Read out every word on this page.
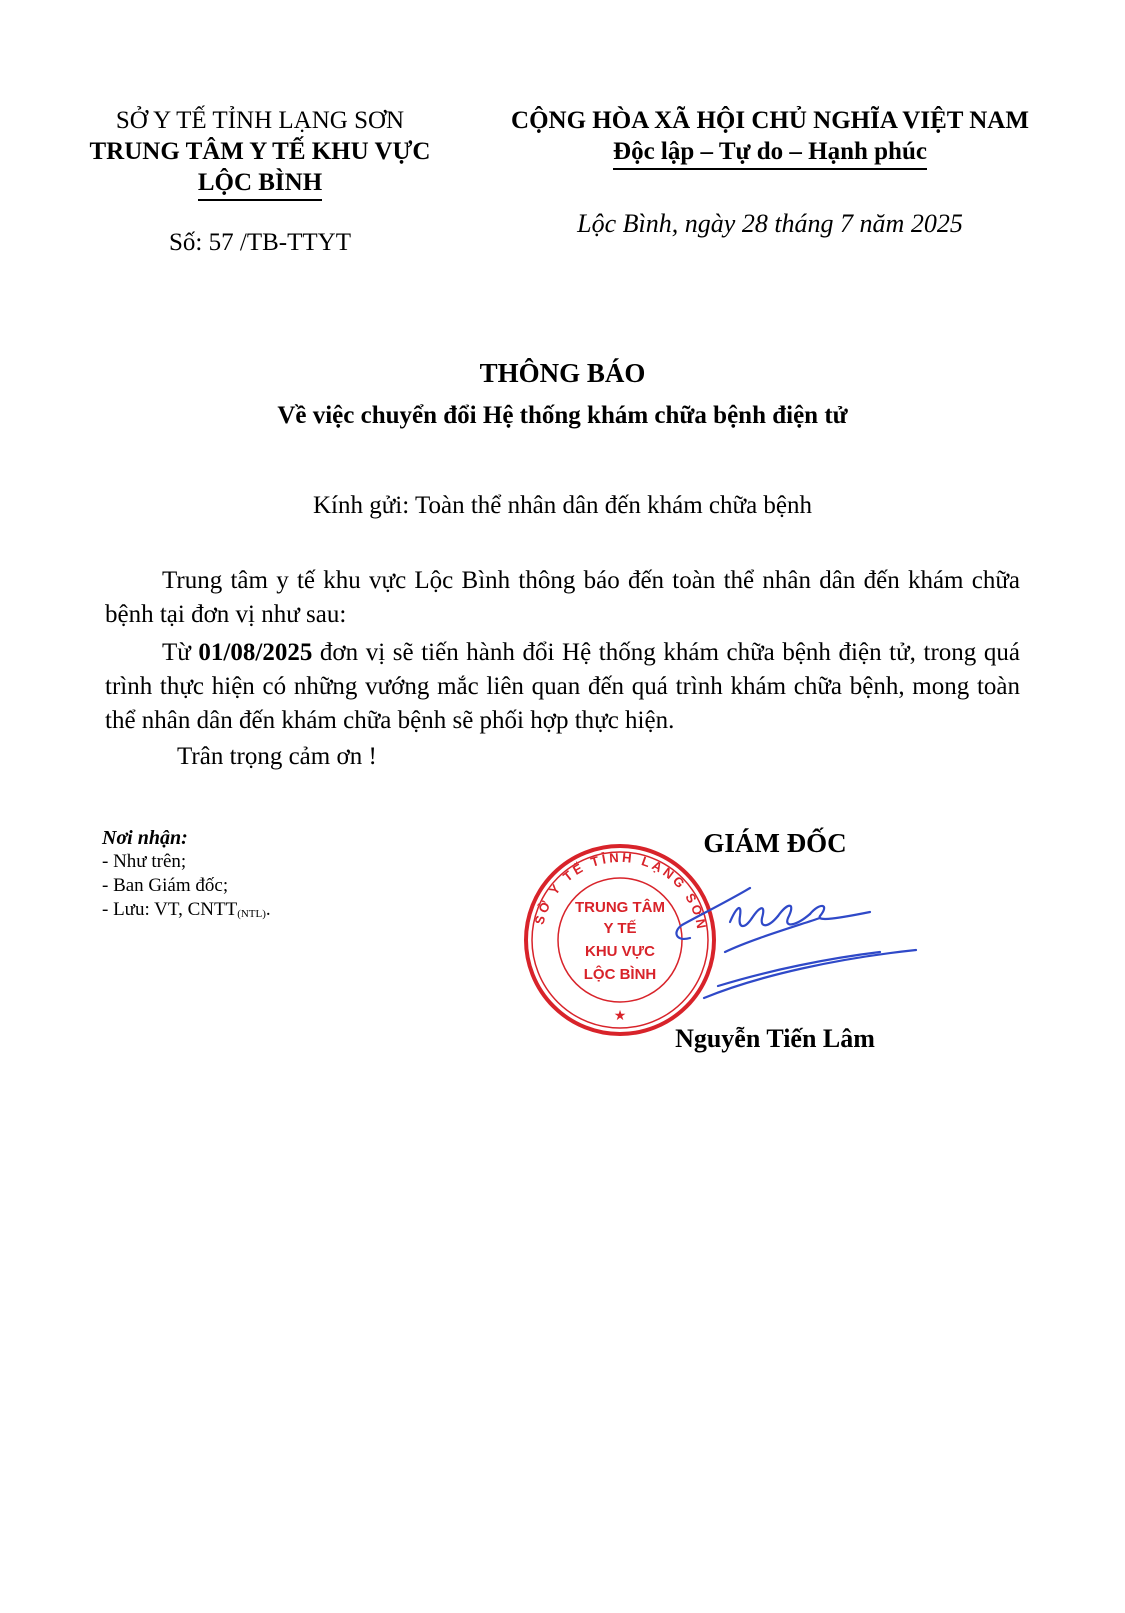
SỞ Y TẾ TỈNH LẠNG SƠN
TRUNG TÂM Y TẾ KHU VỰC
LỘC BÌNH
Số: 57 /TB-TTYT
CỘNG HÒA XÃ HỘI CHỦ NGHĨA VIỆT NAM
Độc lập – Tự do – Hạnh phúc
Lộc Bình, ngày 28 tháng 7 năm 2025
THÔNG BÁO
Về việc chuyển đổi Hệ thống khám chữa bệnh điện tử
Kính gửi: Toàn thể nhân dân đến khám chữa bệnh

Trung tâm y tế khu vực Lộc Bình thông báo đến toàn thể nhân dân đến khám chữa bệnh tại đơn vị như sau:

Từ 01/08/2025 đơn vị sẽ tiến hành đổi Hệ thống khám chữa bệnh điện tử, trong quá trình thực hiện có những vướng mắc liên quan đến quá trình khám chữa bệnh, mong toàn thể nhân dân đến khám chữa bệnh sẽ phối hợp thực hiện.

Trân trọng cảm ơn !

Nơi nhận:
- Như trên;
- Ban Giám đốc;
- Lưu: VT, $CNTT_{(NTL)}$.
GIÁM ĐỐC
SỞ Y TẾ TỈNH LẠNG SƠN
TRUNG TÂM
Y TẾ
KHU VỰC
LỘC BÌNH
★
Nguyễn Tiến Lâm
